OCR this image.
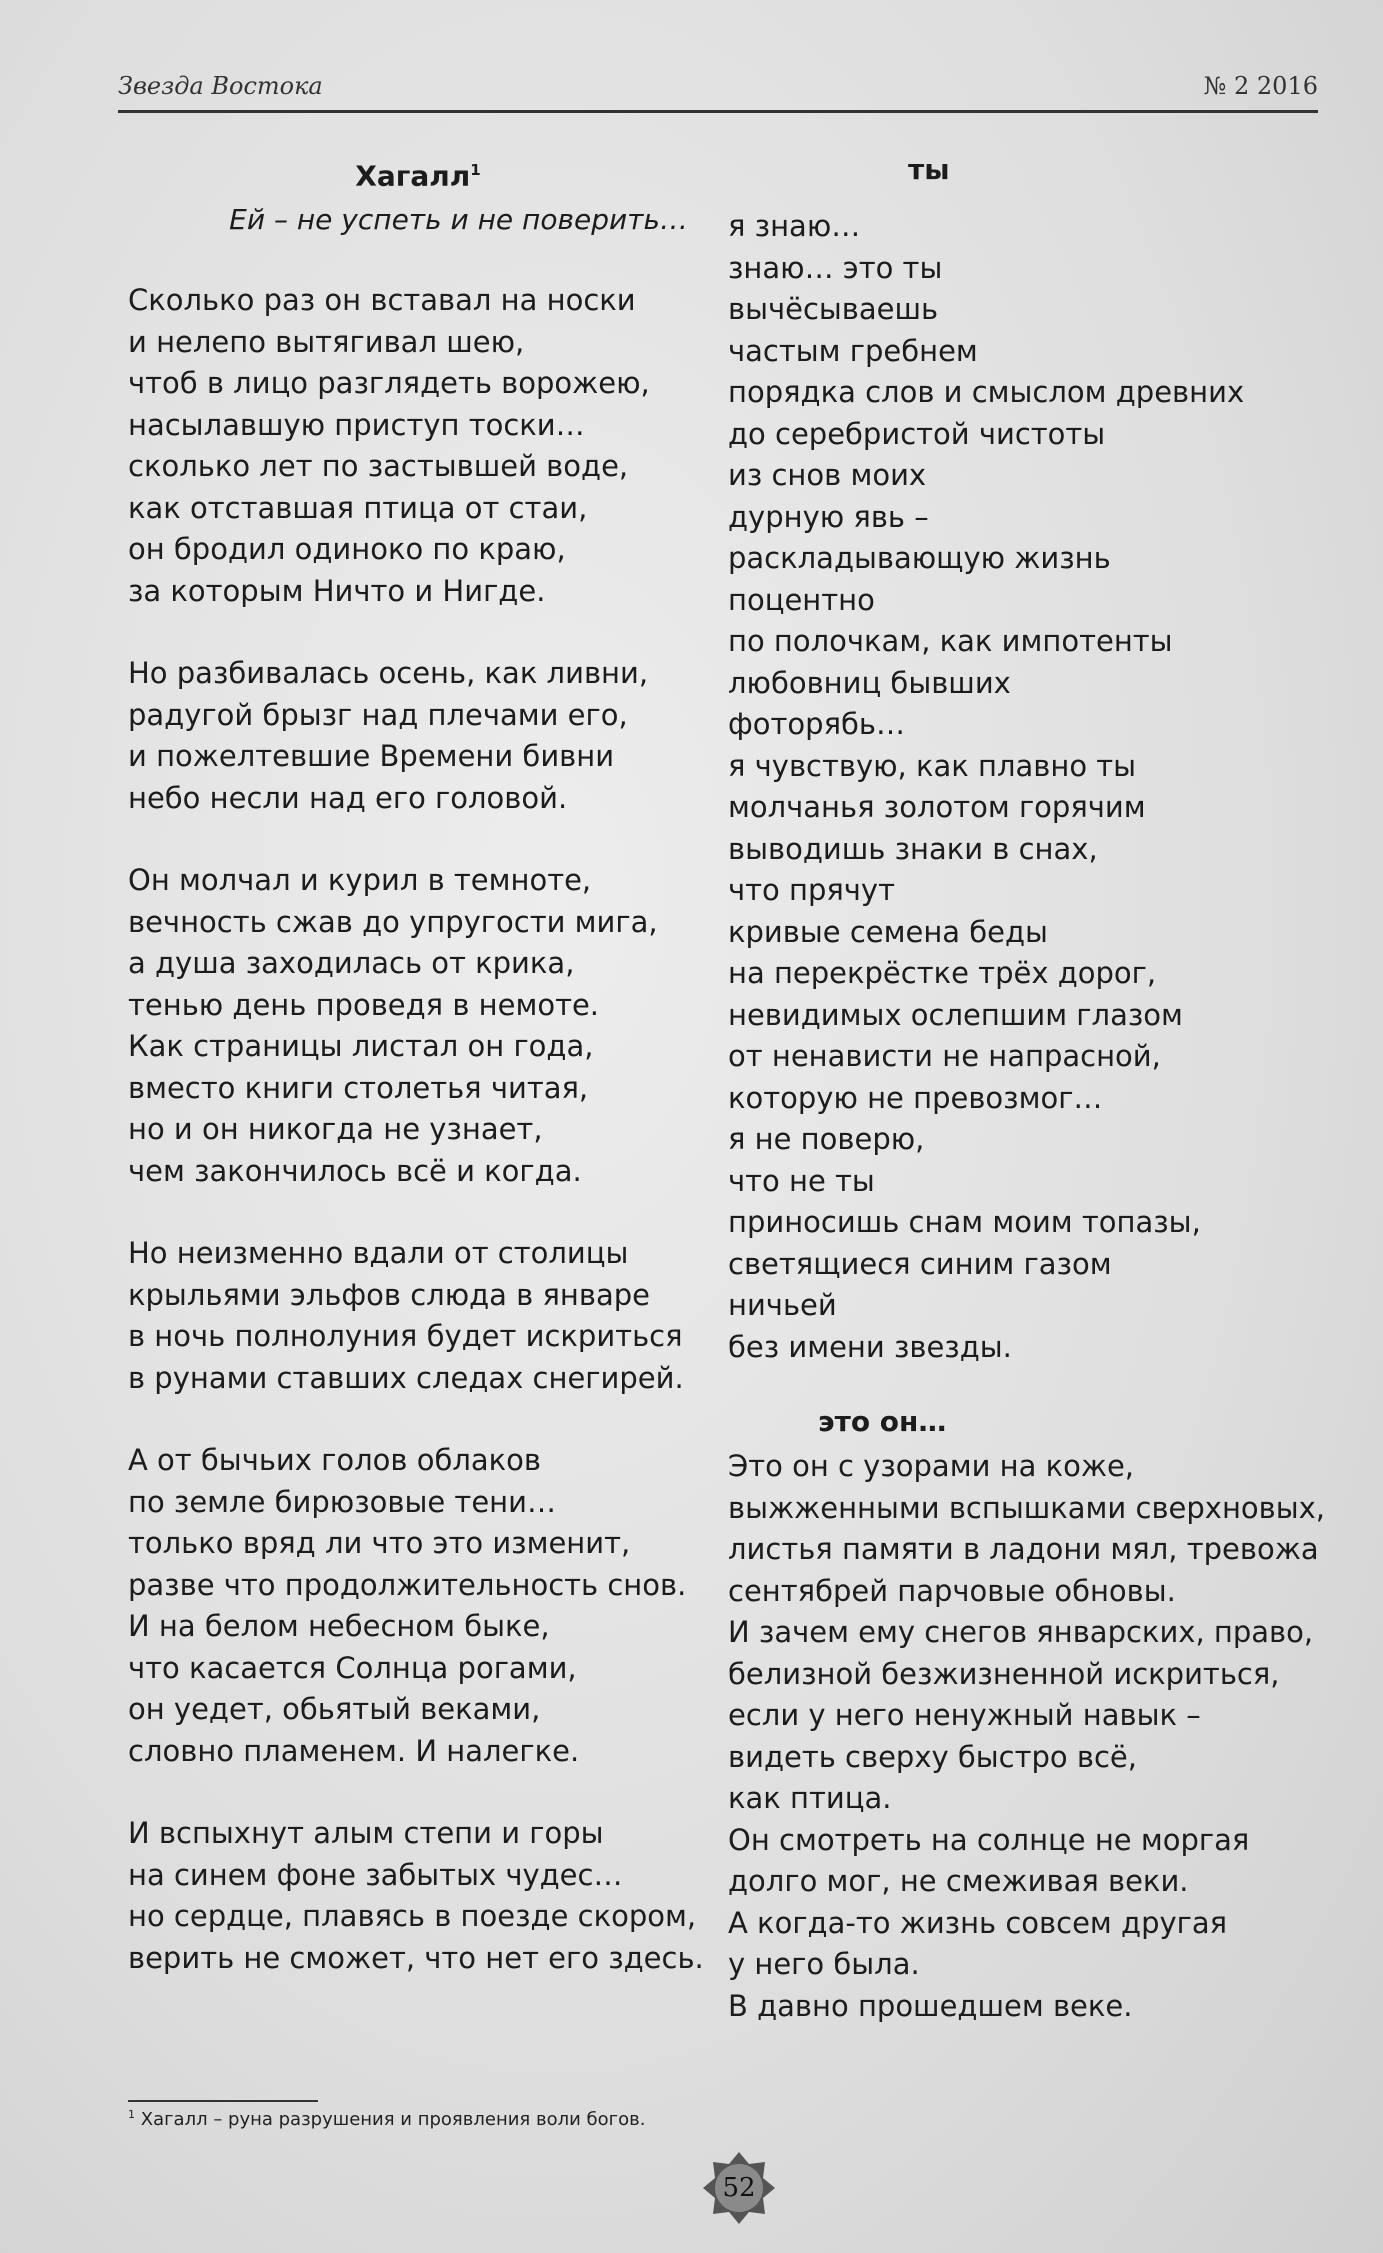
Звезда Востока	№ 2 2016
Хагалл$^1$

Ей – не успеть и не поверить…

Сколько раз он вставал на носки
и нелепо вытягивал шею,
чтоб в лицо разглядеть ворожею,
насылавшую приступ тоски…
сколько лет по застывшей воде,
как отставшая птица от стаи,
он бродил одиноко по краю,
за которым Ничто и Нигде.
Но разбивалась осень, как ливни,
радугой брызг над плечами его,
и пожелтевшие Времени бивни
небо несли над его головой.
Он молчал и курил в темноте,
вечность сжав до упругости мига,
а душа заходилась от крика,
тенью день проведя в немоте.
Как страницы листал он года,
вместо книги столетья читая,
но и он никогда не узнает,
чем закончилось всё и когда.
Но неизменно вдали от столицы
крыльями эльфов слюда в январе
в ночь полнолуния будет искриться
в рунами ставших следах снегирей.
А от бычьих голов облаков
по земле бирюзовые тени…
только вряд ли что это изменит,
разве что продолжительность снов.
И на белом небесном быке,
что касается Солнца рогами,
он уедет, обьятый веками,
словно пламенем. И налегке.
И вспыхнут алым степи и горы
на синем фоне забытых чудес…
но сердце, плавясь в поезде скором,
верить не сможет, что нет его здесь.
ты
я знаю…
знаю… это ты
вычёсываешь
частым гребнем
порядка слов и смыслом древних
до серебристой чистоты
из снов моих
дурную явь –
раскладывающую жизнь
поцентно
по полочкам, как импотенты
любовниц бывших
фоторябь…
я чувствую, как плавно ты
молчанья золотом горячим
выводишь знаки в снах,
что прячут
кривые семена беды
на перекрёстке трёх дорог,
невидимых ослепшим глазом
от ненависти не напрасной,
которую не превозмог…
я не поверю,
что не ты
приносишь снам моим топазы,
светящиеся синим газом
ничьей
без имени звезды.
это он…
Это он с узорами на коже,
выжженными вспышками сверхновых,
листья памяти в ладони мял, тревожа
сентябрей парчовые обновы.
И зачем ему снегов январских, право,
белизной безжизненной искриться,
если у него ненужный навык –
видеть сверху быстро всё,
как птица.
Он смотреть на солнце не моргая
долго мог, не смеживая веки.
А когда-то жизнь совсем другая
у него была.
В давно прошедшем веке.
$^1$ Хагалл – руна разрушения и проявления воли богов.
52
